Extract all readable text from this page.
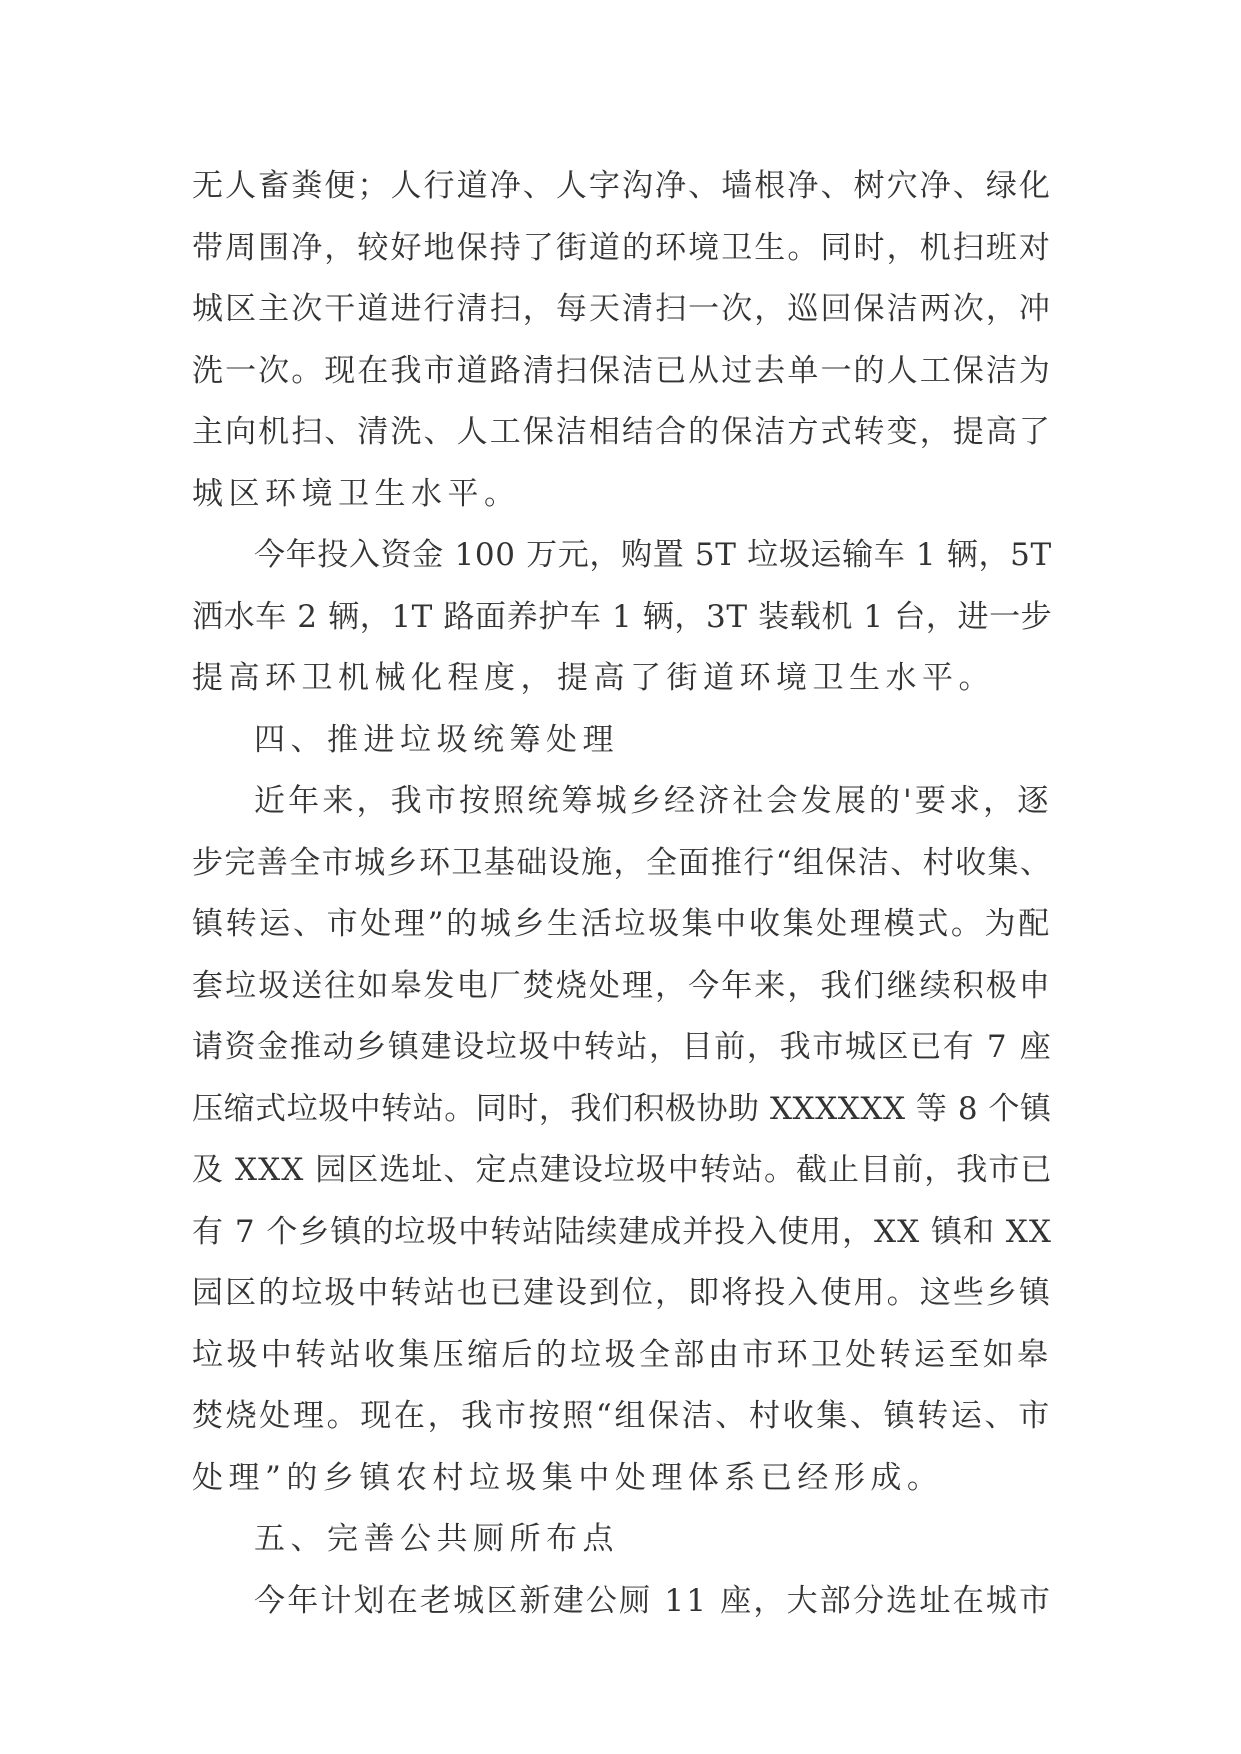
无人畜粪便；人行道净、人字沟净、墙根净、树穴净、绿化
带周围净，较好地保持了街道的环境卫生。同时，机扫班对
城区主次干道进行清扫，每天清扫一次，巡回保洁两次，冲
洗一次。现在我市道路清扫保洁已从过去单一的人工保洁为
主向机扫、清洗、人工保洁相结合的保洁方式转变，提高了
城区环境卫生水平。
今年投入资金 100 万元，购置 5T 垃圾运输车 1 辆，5T
洒水车 2 辆，1T 路面养护车 1 辆，3T 装载机 1 台，进一步
提高环卫机械化程度，提高了街道环境卫生水平。
四、推进垃圾统筹处理
近年来，我市按照统筹城乡经济社会发展的'要求，逐
步完善全市城乡环卫基础设施，全面推行“组保洁、村收集、
镇转运、市处理”的城乡生活垃圾集中收集处理模式。为配
套垃圾送往如皋发电厂焚烧处理，今年来，我们继续积极申
请资金推动乡镇建设垃圾中转站，目前，我市城区已有 7 座
压缩式垃圾中转站。同时，我们积极协助 XXXXXX 等 8 个镇
及 XXX 园区选址、定点建设垃圾中转站。截止目前，我市已
有 7 个乡镇的垃圾中转站陆续建成并投入使用，XX 镇和 XX
园区的垃圾中转站也已建设到位，即将投入使用。这些乡镇
垃圾中转站收集压缩后的垃圾全部由市环卫处转运至如皋
焚烧处理。现在，我市按照“组保洁、村收集、镇转运、市
处理”的乡镇农村垃圾集中处理体系已经形成。
五、完善公共厕所布点
今年计划在老城区新建公厕 11 座，大部分选址在城市
